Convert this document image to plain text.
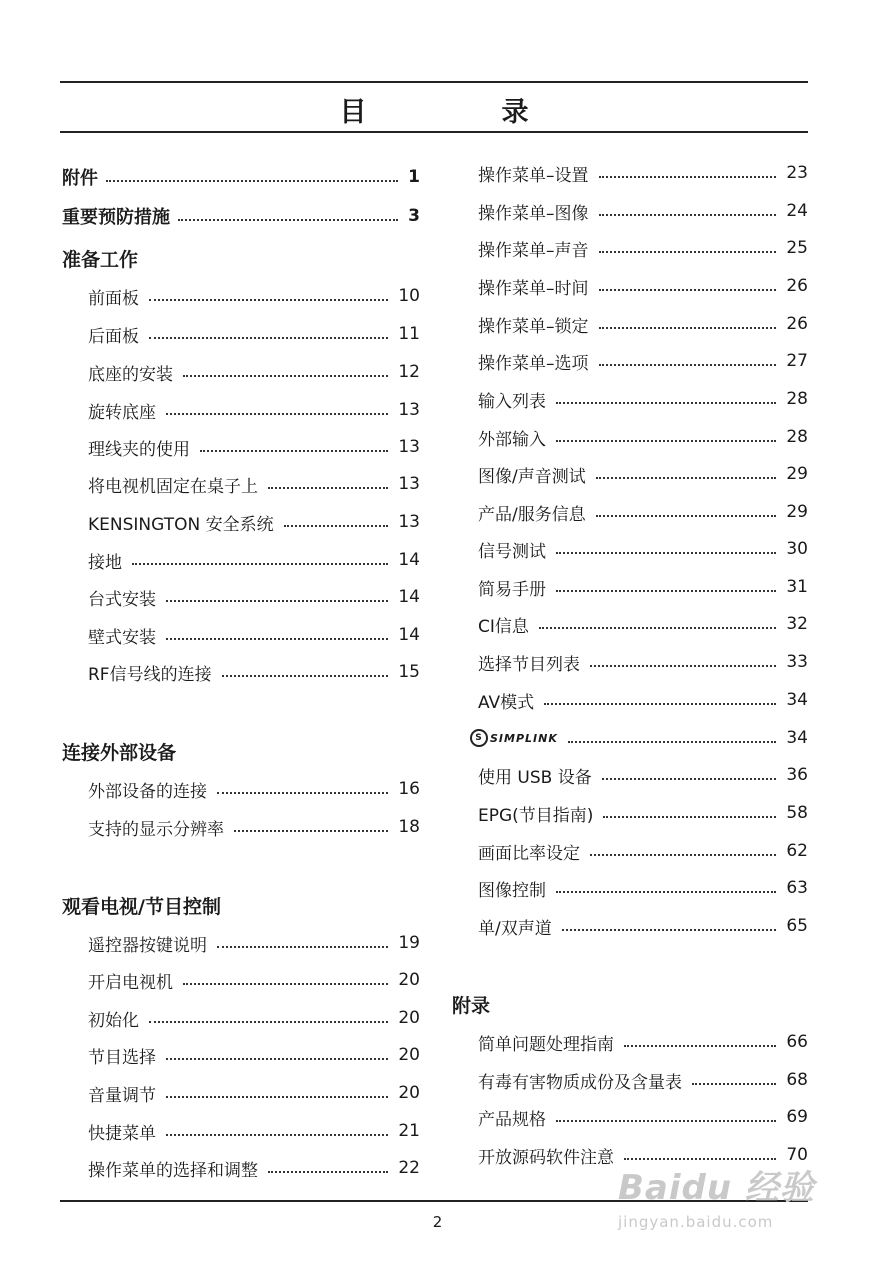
目　录
附件	1
重要预防措施	3
准备工作
前面板	10
后面板	11
底座的安装	12
旋转底座	13
理线夹的使用	13
将电视机固定在桌子上	13
KENSINGTON 安全系统	13
接地	14
台式安装	14
壁式安装	14
RF信号线的连接	15
连接外部设备
外部设备的连接	16
支持的显示分辨率	18
观看电视/节目控制
遥控器按键说明	19
开启电视机	20
初始化	20
节目选择	20
音量调节	20
快捷菜单	21
操作菜单的选择和调整	22
操作菜单–设置	23
操作菜单–图像	24
操作菜单–声音	25
操作菜单–时间	26
操作菜单–锁定	26
操作菜单–选项	27
输入列表	28
外部输入	28
图像/声音测试	29
产品/服务信息	29
信号测试	30
简易手册	31
CI信息	32
选择节目列表	33
AV模式	34
S SIMPLINK	34
使用 USB 设备	36
EPG(节目指南)	58
画面比率设定	62
图像控制	63
单/双声道	65
附录
简单问题处理指南	66
有毒有害物质成份及含量表	68
产品规格	69
开放源码软件注意	70
2
Baidu 经验
jingyan.baidu.com
